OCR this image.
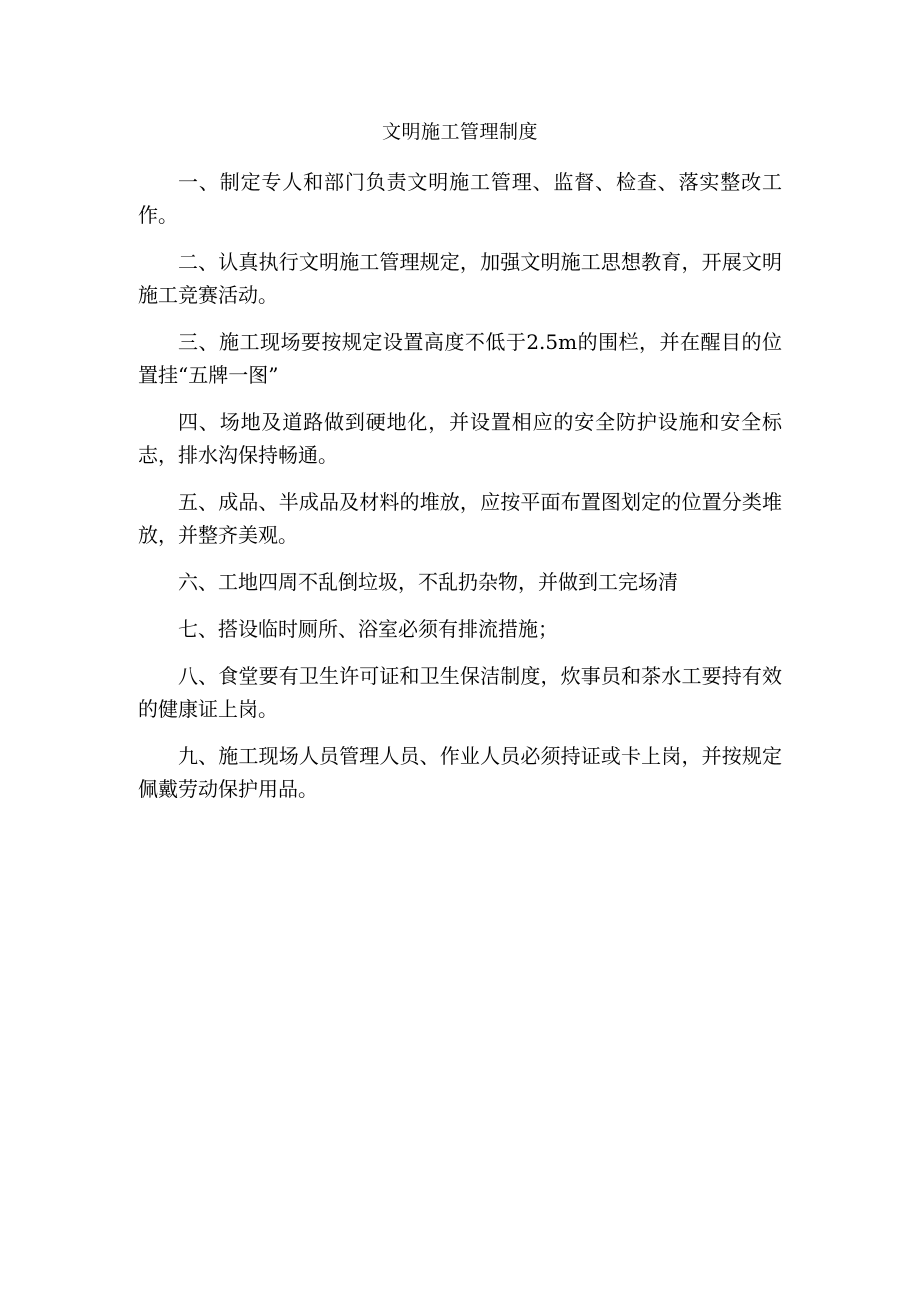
文明施工管理制度

一、制定专人和部门负责文明施工管理、监督、检查、落实整改工作。

二、认真执行文明施工管理规定，加强文明施工思想教育，开展文明施工竞赛活动。

三、施工现场要按规定设置高度不低于2.5m的围栏，并在醒目的位置挂“五牌一图”

四、场地及道路做到硬地化，并设置相应的安全防护设施和安全标志，排水沟保持畅通。

五、成品、半成品及材料的堆放，应按平面布置图划定的位置分类堆放，并整齐美观。

六、工地四周不乱倒垃圾，不乱扔杂物，并做到工完场清

七、搭设临时厕所、浴室必须有排流措施；

八、食堂要有卫生许可证和卫生保洁制度，炊事员和茶水工要持有效的健康证上岗。

九、施工现场人员管理人员、作业人员必须持证或卡上岗，并按规定佩戴劳动保护用品。
